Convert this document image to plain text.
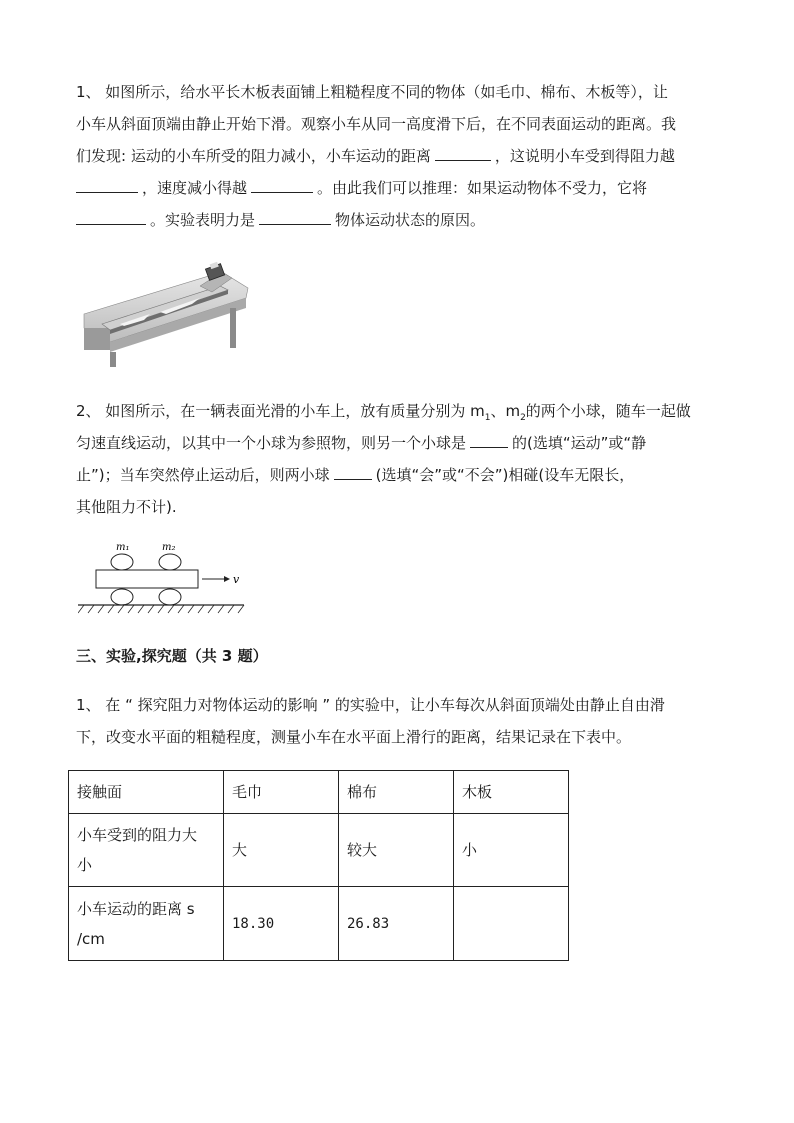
1、 如图所示，给水平长木板表面铺上粗糙程度不同的物体（如毛巾、棉布、木板等），让
小车从斜面顶端由静止开始下滑。观察小车从同一高度滑下后，在不同表面运动的距离。我
们发现: 运动的小车所受的阻力减小，小车运动的距离	，这说明小车受到得阻力越
，速度减小得越	。由此我们可以推理：如果运动物体不受力，它将
。实验表明力是	物体运动状态的原因。
2、 如图所示，在一辆表面光滑的小车上，放有质量分别为 $m_1$、$m_2$的两个小球，随车一起做
匀速直线运动，以其中一个小球为参照物，则另一个小球是	的(选填“运动”或“静
止”)；当车突然停止运动后，则两小球	(选填“会”或“不会”)相碰(设车无限长，
其他阻力不计).
m₁	m₂
v
三、实验,探究题（共 3 题）
1、 在 “ 探究阻力对物体运动的影响 ” 的实验中，让小车每次从斜面顶端处由静止自由滑
下，改变水平面的粗糙程度，测量小车在水平面上滑行的距离，结果记录在下表中。
接触面	毛巾	棉布	木板
小车受到的阻力大
小	大	较大	小
小车运动的距离 s
/cm	18.30	26.83	
